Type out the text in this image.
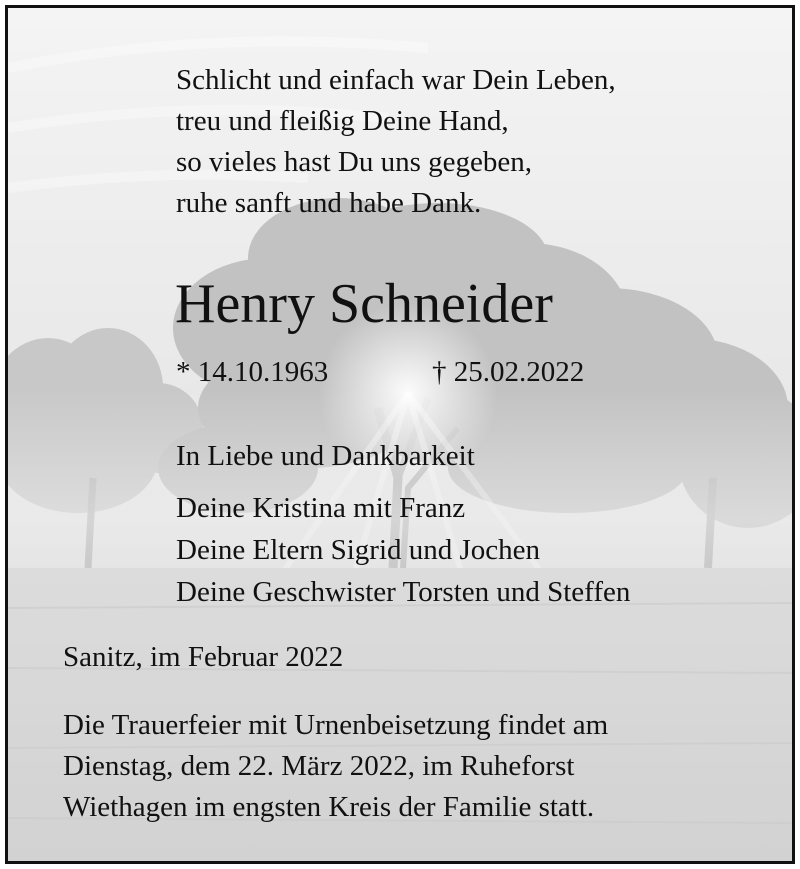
Schlicht und einfach war Dein Leben,
treu und fleißig Deine Hand,
so vieles hast Du uns gegeben,
ruhe sanft und habe Dank.
Henry Schneider
* 14.10.1963	† 25.02.2022
In Liebe und Dankbarkeit
Deine Kristina mit Franz
Deine Eltern Sigrid und Jochen
Deine Geschwister Torsten und Steffen
Sanitz, im Februar 2022
Die Trauerfeier mit Urnenbeisetzung findet am
Dienstag, dem 22. März 2022, im Ruheforst
Wiethagen im engsten Kreis der Familie statt.
